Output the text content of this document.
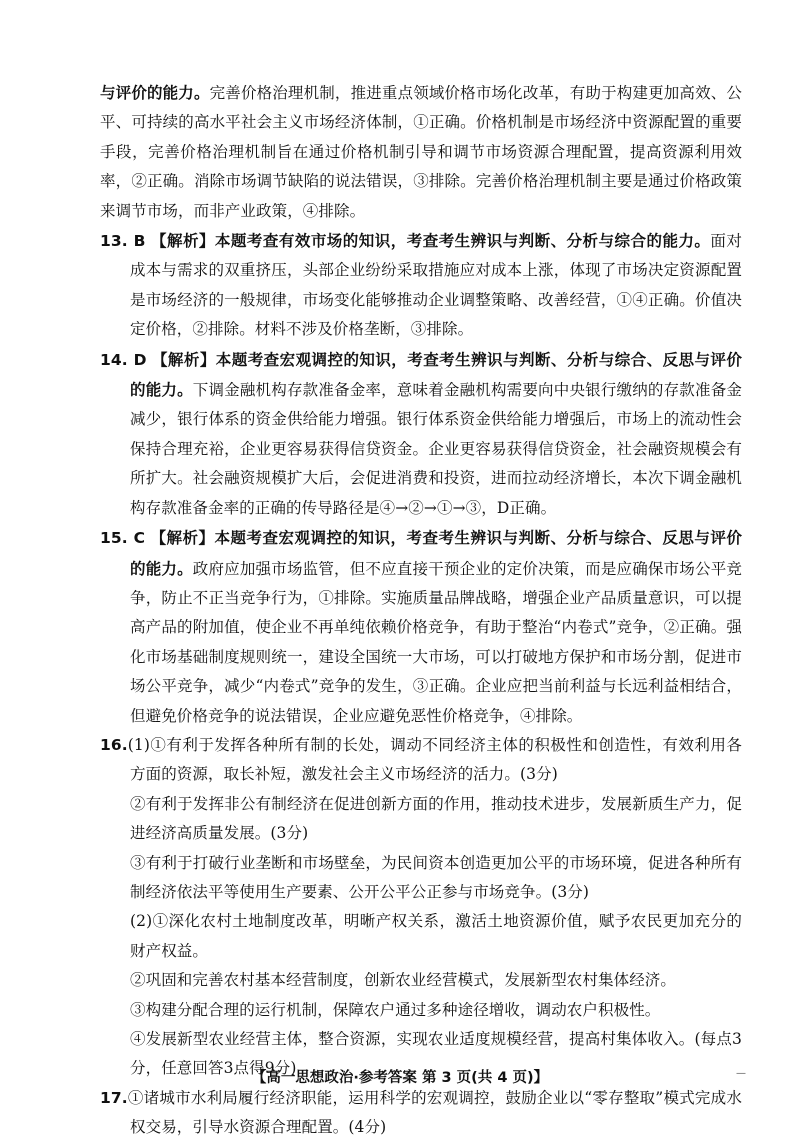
与评价的能力。完善价格治理机制，推进重点领域价格市场化改革，有助于构建更加高效、公平、可持续的高水平社会主义市场经济体制，①正确。价格机制是市场经济中资源配置的重要手段，完善价格治理机制旨在通过价格机制引导和调节市场资源合理配置，提高资源利用效率，②正确。消除市场调节缺陷的说法错误，③排除。完善价格治理机制主要是通过价格政策来调节市场，而非产业政策，④排除。

13. B 【解析】本题考查有效市场的知识，考查考生辨识与判断、分析与综合的能力。面对成本与需求的双重挤压，头部企业纷纷采取措施应对成本上涨，体现了市场决定资源配置是市场经济的一般规律，市场变化能够推动企业调整策略、改善经营，①④正确。价值决定价格，②排除。材料不涉及价格垄断，③排除。

14. D 【解析】本题考查宏观调控的知识，考查考生辨识与判断、分析与综合、反思与评价的能力。下调金融机构存款准备金率，意味着金融机构需要向中央银行缴纳的存款准备金减少，银行体系的资金供给能力增强。银行体系资金供给能力增强后，市场上的流动性会保持合理充裕，企业更容易获得信贷资金。企业更容易获得信贷资金，社会融资规模会有所扩大。社会融资规模扩大后，会促进消费和投资，进而拉动经济增长，本次下调金融机构存款准备金率的正确的传导路径是④→②→①→③，D正确。

15. C 【解析】本题考查宏观调控的知识，考查考生辨识与判断、分析与综合、反思与评价的能力。政府应加强市场监管，但不应直接干预企业的定价决策，而是应确保市场公平竞争，防止不正当竞争行为，①排除。实施质量品牌战略，增强企业产品质量意识，可以提高产品的附加值，使企业不再单纯依赖价格竞争，有助于整治“内卷式”竞争，②正确。强化市场基础制度规则统一，建设全国统一大市场，可以打破地方保护和市场分割，促进市场公平竞争，减少“内卷式”竞争的发生，③正确。企业应把当前利益与长远利益相结合，但避免价格竞争的说法错误，企业应避免恶性价格竞争，④排除。

16.(1)①有利于发挥各种所有制的长处，调动不同经济主体的积极性和创造性，有效利用各方面的资源，取长补短，激发社会主义市场经济的活力。(3分)

②有利于发挥非公有制经济在促进创新方面的作用，推动技术进步，发展新质生产力，促进经济高质量发展。(3分)

③有利于打破行业垄断和市场壁垒，为民间资本创造更加公平的市场环境，促进各种所有制经济依法平等使用生产要素、公开公平公正参与市场竞争。(3分)

(2)①深化农村土地制度改革，明晰产权关系，激活土地资源价值，赋予农民更加充分的财产权益。

②巩固和完善农村基本经营制度，创新农业经营模式，发展新型农村集体经济。

③构建分配合理的运行机制，保障农户通过多种途径增收，调动农户积极性。

④发展新型农业经营主体，整合资源，实现农业适度规模经营，提高村集体收入。(每点3分，任意回答3点得9分)

17.①诸城市水利局履行经济职能，运用科学的宏观调控，鼓励企业以“零存整取”模式完成水权交易，引导水资源合理配置。(4分)

【高一思想政治·参考答案 第 3 页(共 4 页)】	—
